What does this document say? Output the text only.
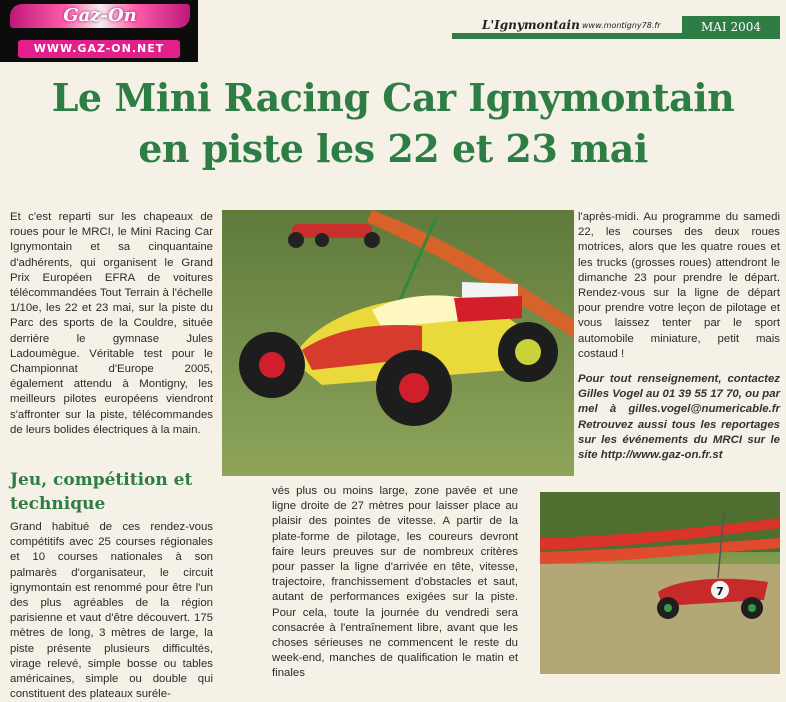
Gaz-On
WWW.GAZ-ON.NET
L'Ignymontain www.montigny78.fr	MAI 2004
Le Mini Racing Car Ignymontain
en piste les 22 et 23 mai
Et c'est reparti sur les chapeaux de roues pour le MRCI, le Mini Racing Car Ignymontain et sa cinquantaine d'adhérents, qui organisent le Grand Prix Européen EFRA de voitures télécommandées Tout Terrain à l'échelle 1/10e, les 22 et 23 mai, sur la piste du Parc des sports de la Couldre, située derrière le gymnase Jules Ladoumègue. Véritable test pour le Championnat d'Europe 2005, également attendu à Montigny, les meilleurs pilotes européens viendront s'affronter sur la piste, télécommandes de leurs bolides électriques à la main.
Jeu, compétition et technique
Grand habitué de ces rendez-vous compétitifs avec 25 courses régionales et 10 courses nationales à son palmarès d'organisateur, le circuit ignymontain est renommé pour être l'un des plus agréables de la région parisienne et vaut d'être découvert. 175 mètres de long, 3 mètres de large, la piste présente plusieurs difficultés, virage relevé, simple bosse ou tables américaines, simple ou double qui constituent des plateaux suréle-
vés plus ou moins large, zone pavée et une ligne droite de 27 mètres pour laisser place au plaisir des pointes de vitesse. A partir de la plate-forme de pilotage, les coureurs devront faire leurs preuves sur de nombreux critères pour passer la ligne d'arrivée en tête, vitesse, trajectoire, franchissement d'obstacles et saut, autant de performances exigées sur la piste. Pour cela, toute la journée du vendredi sera consacrée à l'entraînement libre, avant que les choses sérieuses ne commencent le reste du week-end, manches de qualification le matin et finales
l'après-midi. Au programme du samedi 22, les courses des deux roues motrices, alors que les quatre roues et les trucks (grosses roues) attendront le dimanche 23 pour prendre le départ. Rendez-vous sur la ligne de départ pour prendre votre leçon de pilotage et vous laissez tenter par le sport automobile miniature, petit mais costaud !
Pour tout renseignement, contactez Gilles Vogel au 01 39 55 17 70, ou par mel à gilles.vogel@numericable.fr Retrouvez aussi tous les reportages sur les événements du MRCI sur le site http://www.gaz-on.fr.st
7
